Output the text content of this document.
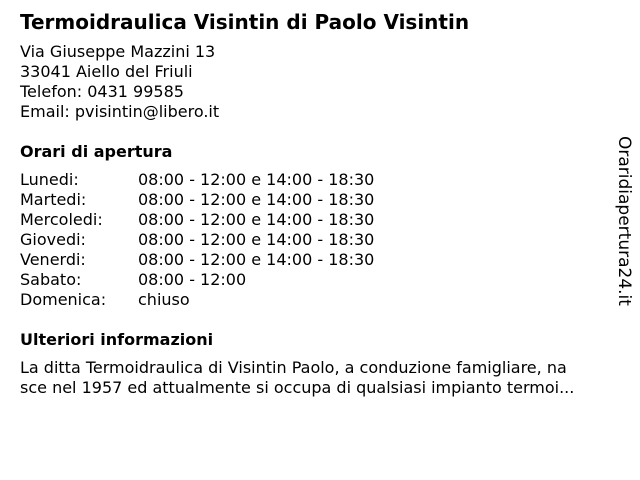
Termoidraulica Visintin di Paolo Visintin
Via Giuseppe Mazzini 13
33041 Aiello del Friuli
Telefon: 0431 99585
Email: pvisintin@libero.it
Orari di apertura
Lunedi:	08:00 - 12:00 e 14:00 - 18:30
Martedi:	08:00 - 12:00 e 14:00 - 18:30
Mercoledi:	08:00 - 12:00 e 14:00 - 18:30
Giovedi:	08:00 - 12:00 e 14:00 - 18:30
Venerdi:	08:00 - 12:00 e 14:00 - 18:30
Sabato:	08:00 - 12:00
Domenica:	chiuso
Ulteriori informazioni
La ditta Termoidraulica di Visintin Paolo, a conduzione famigliare, na
sce nel 1957 ed attualmente si occupa di qualsiasi impianto termoi...
Oraridiapertura24.it
